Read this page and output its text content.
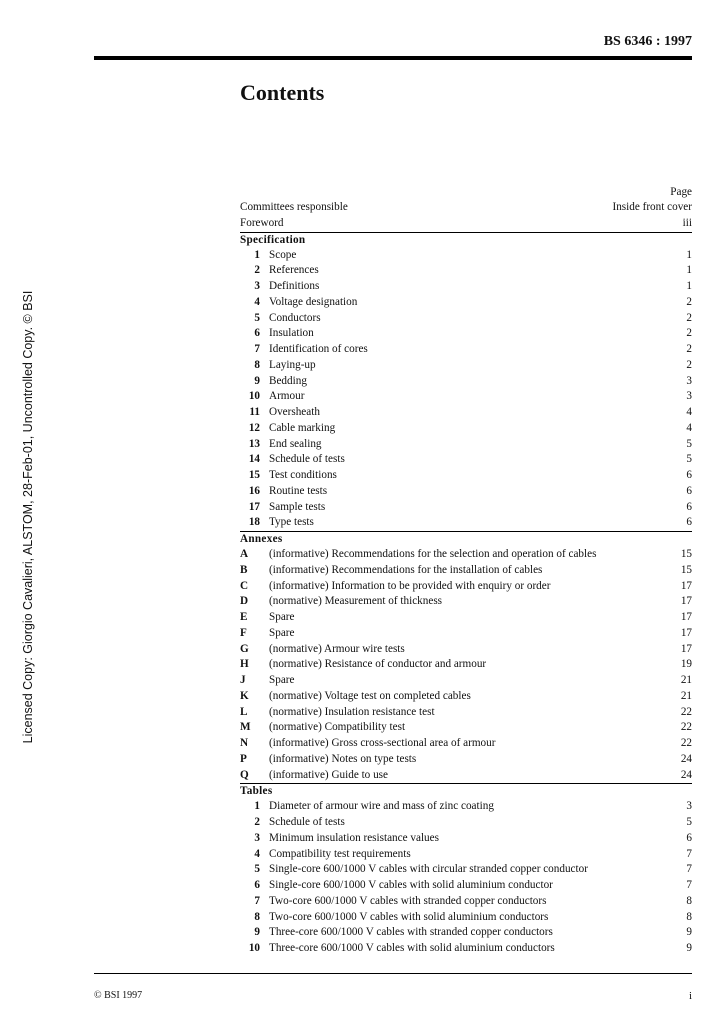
BS 6346 : 1997
Contents
Licensed Copy: Giorgio Cavalieri, ALSTOM, 28-Feb-01, Uncontrolled Copy. © BSI
Page
Committees responsible	Inside front cover
Foreword	iii
Specification
1 Scope	1
2 References	1
3 Definitions	1
4 Voltage designation	2
5 Conductors	2
6 Insulation	2
7 Identification of cores	2
8 Laying-up	2
9 Bedding	3
10 Armour	3
11 Oversheath	4
12 Cable marking	4
13 End sealing	5
14 Schedule of tests	5
15 Test conditions	6
16 Routine tests	6
17 Sample tests	6
18 Type tests	6
Annexes
A	(informative) Recommendations for the selection and operation of cables	15
B	(informative) Recommendations for the installation of cables	15
C	(informative) Information to be provided with enquiry or order	17
D	(normative) Measurement of thickness	17
E	Spare	17
F	Spare	17
G	(normative) Armour wire tests	17
H	(normative) Resistance of conductor and armour	19
J	Spare	21
K	(normative) Voltage test on completed cables	21
L	(normative) Insulation resistance test	22
M	(normative) Compatibility test	22
N	(informative) Gross cross-sectional area of armour	22
P	(informative) Notes on type tests	24
Q	(informative) Guide to use	24
Tables
1 Diameter of armour wire and mass of zinc coating	3
2 Schedule of tests	5
3 Minimum insulation resistance values	6
4 Compatibility test requirements	7
5 Single-core 600/1000 V cables with circular stranded copper conductor	7
6 Single-core 600/1000 V cables with solid aluminium conductor	7
7 Two-core 600/1000 V cables with stranded copper conductors	8
8 Two-core 600/1000 V cables with solid aluminium conductors	8
9 Three-core 600/1000 V cables with stranded copper conductors	9
10 Three-core 600/1000 V cables with solid aluminium conductors	9
© BSI 1997	i
